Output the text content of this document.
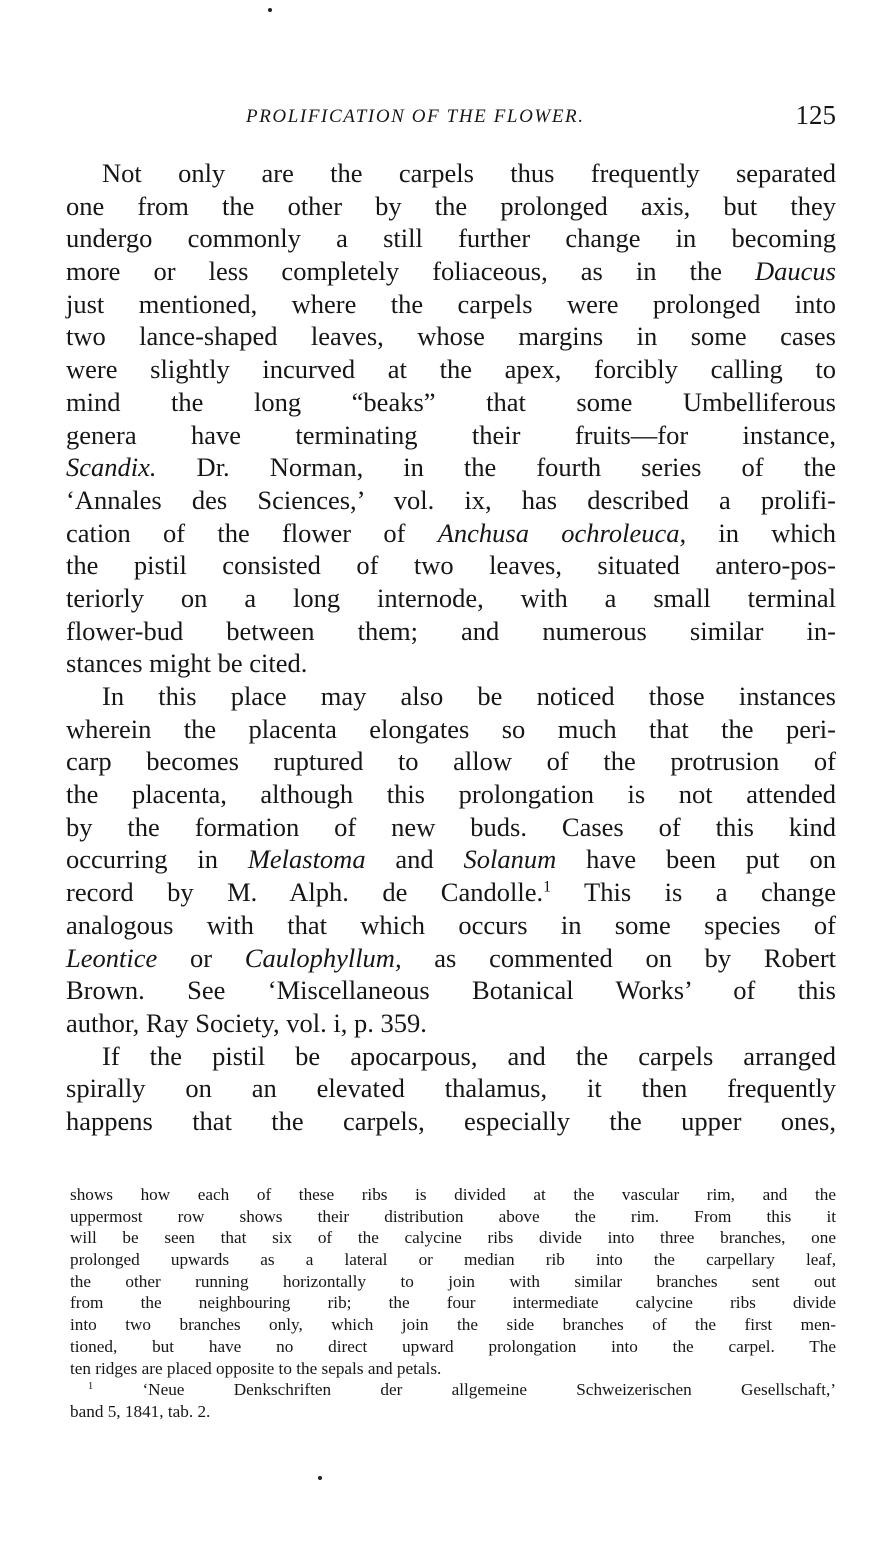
PROLIFICATION OF THE FLOWER.	125
Not only are the carpels thus frequently separated
one from the other by the prolonged axis, but they
undergo commonly a still further change in becoming
more or less completely foliaceous, as in the Daucus
just mentioned, where the carpels were prolonged into
two lance-shaped leaves, whose margins in some cases
were slightly incurved at the apex, forcibly calling to
mind the long “beaks” that some Umbelliferous
genera have terminating their fruits—for instance,
Scandix. Dr. Norman, in the fourth series of the
‘Annales des Sciences,’ vol. ix, has described a prolifi-
cation of the flower of Anchusa ochroleuca, in which
the pistil consisted of two leaves, situated antero-pos-
teriorly on a long internode, with a small terminal
flower-bud between them; and numerous similar in-
stances might be cited.
In this place may also be noticed those instances
wherein the placenta elongates so much that the peri-
carp becomes ruptured to allow of the protrusion of
the placenta, although this prolongation is not attended
by the formation of new buds. Cases of this kind
occurring in Melastoma and Solanum have been put on
record by M. Alph. de Candolle.$^1$ This is a change
analogous with that which occurs in some species of
Leontice or Caulophyllum, as commented on by Robert
Brown. See ‘Miscellaneous Botanical Works’ of this
author, Ray Society, vol. i, p. 359.
If the pistil be apocarpous, and the carpels arranged
spirally on an elevated thalamus, it then frequently
happens that the carpels, especially the upper ones,
shows how each of these ribs is divided at the vascular rim, and the
uppermost row shows their distribution above the rim. From this it
will be seen that six of the calycine ribs divide into three branches, one
prolonged upwards as a lateral or median rib into the carpellary leaf,
the other running horizontally to join with similar branches sent out
from the neighbouring rib; the four intermediate calycine ribs divide
into two branches only, which join the side branches of the first men-
tioned, but have no direct upward prolongation into the carpel. The
ten ridges are placed opposite to the sepals and petals.
$^1$	‘Neue Denkschriften der allgemeine Schweizerischen Gesellschaft,’
band 5, 1841, tab. 2.
